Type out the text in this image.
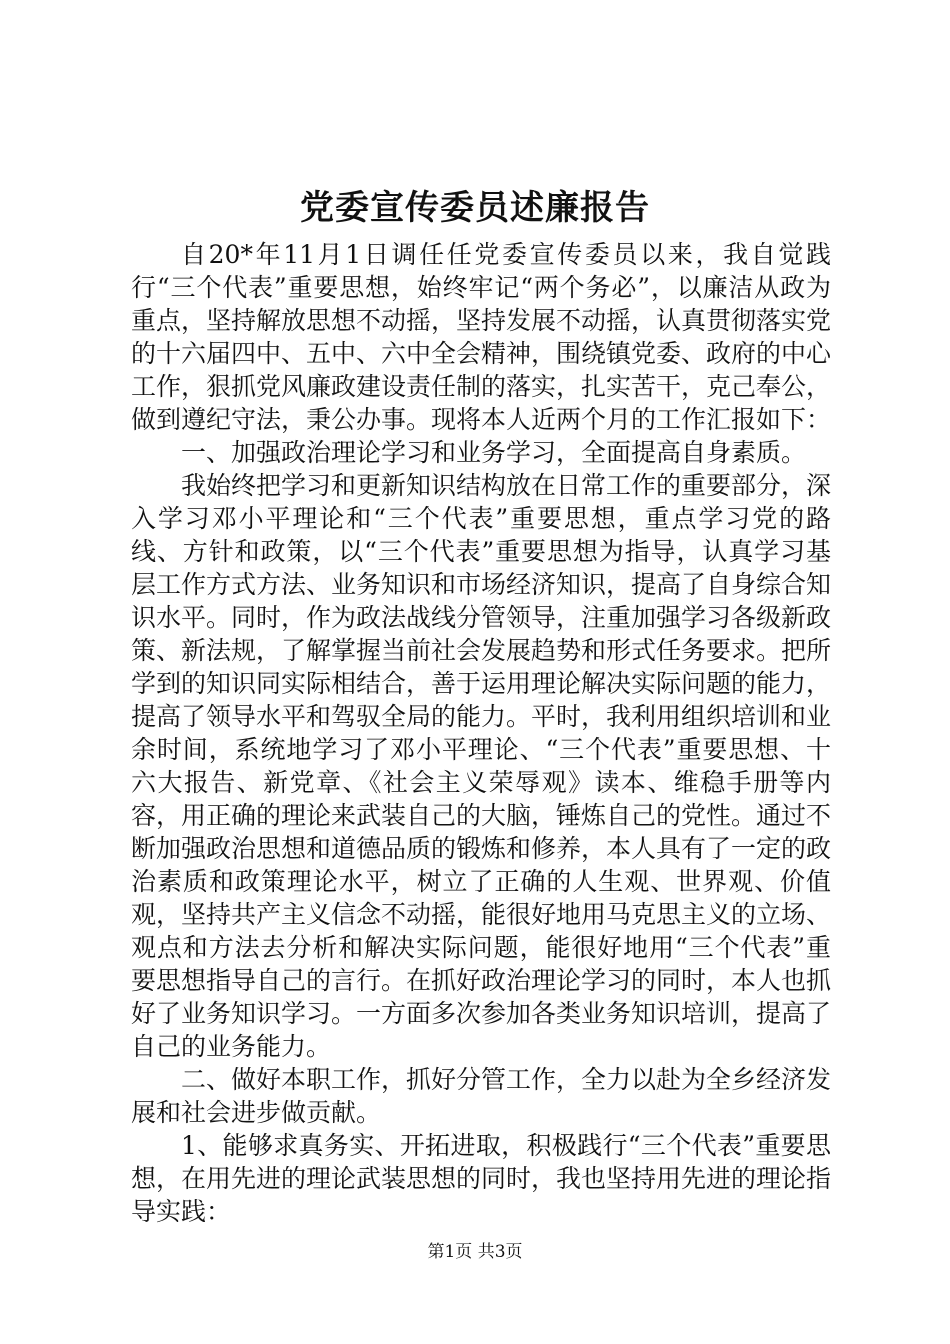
党委宣传委员述廉报告

自20*年11月1日调任任党委宣传委员以来，我自觉践行“三个代表”重要思想，始终牢记“两个务必”，以廉洁从政为重点，坚持解放思想不动摇，坚持发展不动摇，认真贯彻落实党的十六届四中、五中、六中全会精神，围绕镇党委、政府的中心工作，狠抓党风廉政建设责任制的落实，扎实苦干，克己奉公，做到遵纪守法，秉公办事。现将本人近两个月的工作汇报如下：

一、加强政治理论学习和业务学习，全面提高自身素质。

我始终把学习和更新知识结构放在日常工作的重要部分，深入学习邓小平理论和“三个代表”重要思想，重点学习党的路线、方针和政策，以“三个代表”重要思想为指导，认真学习基层工作方式方法、业务知识和市场经济知识，提高了自身综合知识水平。同时，作为政法战线分管领导，注重加强学习各级新政策、新法规，了解掌握当前社会发展趋势和形式任务要求。把所学到的知识同实际相结合，善于运用理论解决实际问题的能力，提高了领导水平和驾驭全局的能力。平时，我利用组织培训和业余时间，系统地学习了邓小平理论、“三个代表”重要思想、十六大报告、新党章、《社会主义荣辱观》读本、维稳手册等内容，用正确的理论来武装自己的大脑，锤炼自己的党性。通过不断加强政治思想和道德品质的锻炼和修养，本人具有了一定的政治素质和政策理论水平，树立了正确的人生观、世界观、价值观，坚持共产主义信念不动摇，能很好地用马克思主义的立场、观点和方法去分析和解决实际问题，能很好地用“三个代表”重要思想指导自己的言行。在抓好政治理论学习的同时，本人也抓好了业务知识学习。一方面多次参加各类业务知识培训，提高了自己的业务能力。

二、做好本职工作，抓好分管工作，全力以赴为全乡经济发展和社会进步做贡献。

1、能够求真务实、开拓进取，积极践行“三个代表”重要思想，在用先进的理论武装思想的同时，我也坚持用先进的理论指导实践：

第1页 共3页
